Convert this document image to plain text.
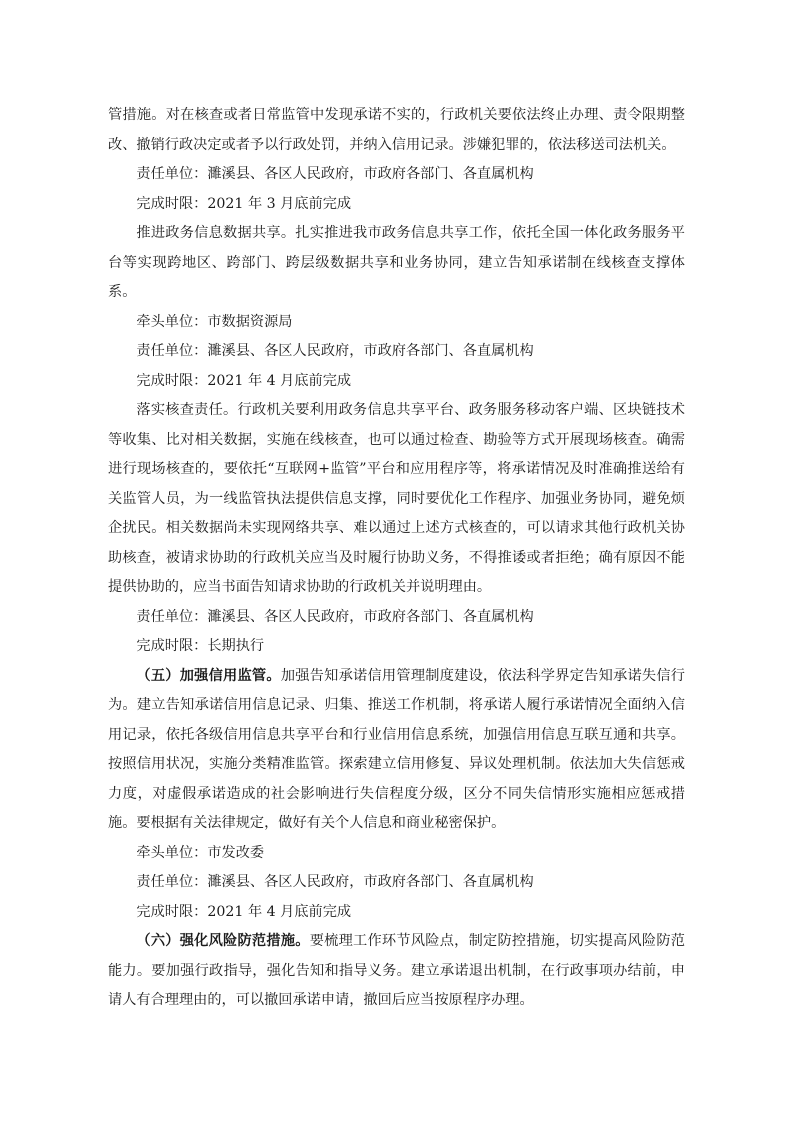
管措施。对在核查或者日常监管中发现承诺不实的，行政机关要依法终止办理、责令限期整改、撤销行政决定或者予以行政处罚，并纳入信用记录。涉嫌犯罪的，依法移送司法机关。

责任单位：濉溪县、各区人民政府，市政府各部门、各直属机构

完成时限：2021 年 3 月底前完成

推进政务信息数据共享。扎实推进我市政务信息共享工作，依托全国一体化政务服务平台等实现跨地区、跨部门、跨层级数据共享和业务协同，建立告知承诺制在线核查支撑体系。

牵头单位：市数据资源局

责任单位：濉溪县、各区人民政府，市政府各部门、各直属机构

完成时限：2021 年 4 月底前完成

落实核查责任。行政机关要利用政务信息共享平台、政务服务移动客户端、区块链技术等收集、比对相关数据，实施在线核查，也可以通过检查、勘验等方式开展现场核查。确需进行现场核查的，要依托“互联网+监管”平台和应用程序等，将承诺情况及时准确推送给有关监管人员，为一线监管执法提供信息支撑，同时要优化工作程序、加强业务协同，避免烦企扰民。相关数据尚未实现网络共享、难以通过上述方式核查的，可以请求其他行政机关协助核查，被请求协助的行政机关应当及时履行协助义务，不得推诿或者拒绝；确有原因不能提供协助的，应当书面告知请求协助的行政机关并说明理由。

责任单位：濉溪县、各区人民政府，市政府各部门、各直属机构

完成时限：长期执行

（五）加强信用监管。加强告知承诺信用管理制度建设，依法科学界定告知承诺失信行为。建立告知承诺信用信息记录、归集、推送工作机制，将承诺人履行承诺情况全面纳入信用记录，依托各级信用信息共享平台和行业信用信息系统，加强信用信息互联互通和共享。按照信用状况，实施分类精准监管。探索建立信用修复、异议处理机制。依法加大失信惩戒力度，对虚假承诺造成的社会影响进行失信程度分级，区分不同失信情形实施相应惩戒措施。要根据有关法律规定，做好有关个人信息和商业秘密保护。

牵头单位：市发改委

责任单位：濉溪县、各区人民政府，市政府各部门、各直属机构

完成时限：2021 年 4 月底前完成

（六）强化风险防范措施。要梳理工作环节风险点，制定防控措施，切实提高风险防范能力。要加强行政指导，强化告知和指导义务。建立承诺退出机制，在行政事项办结前，申请人有合理理由的，可以撤回承诺申请，撤回后应当按原程序办理。
